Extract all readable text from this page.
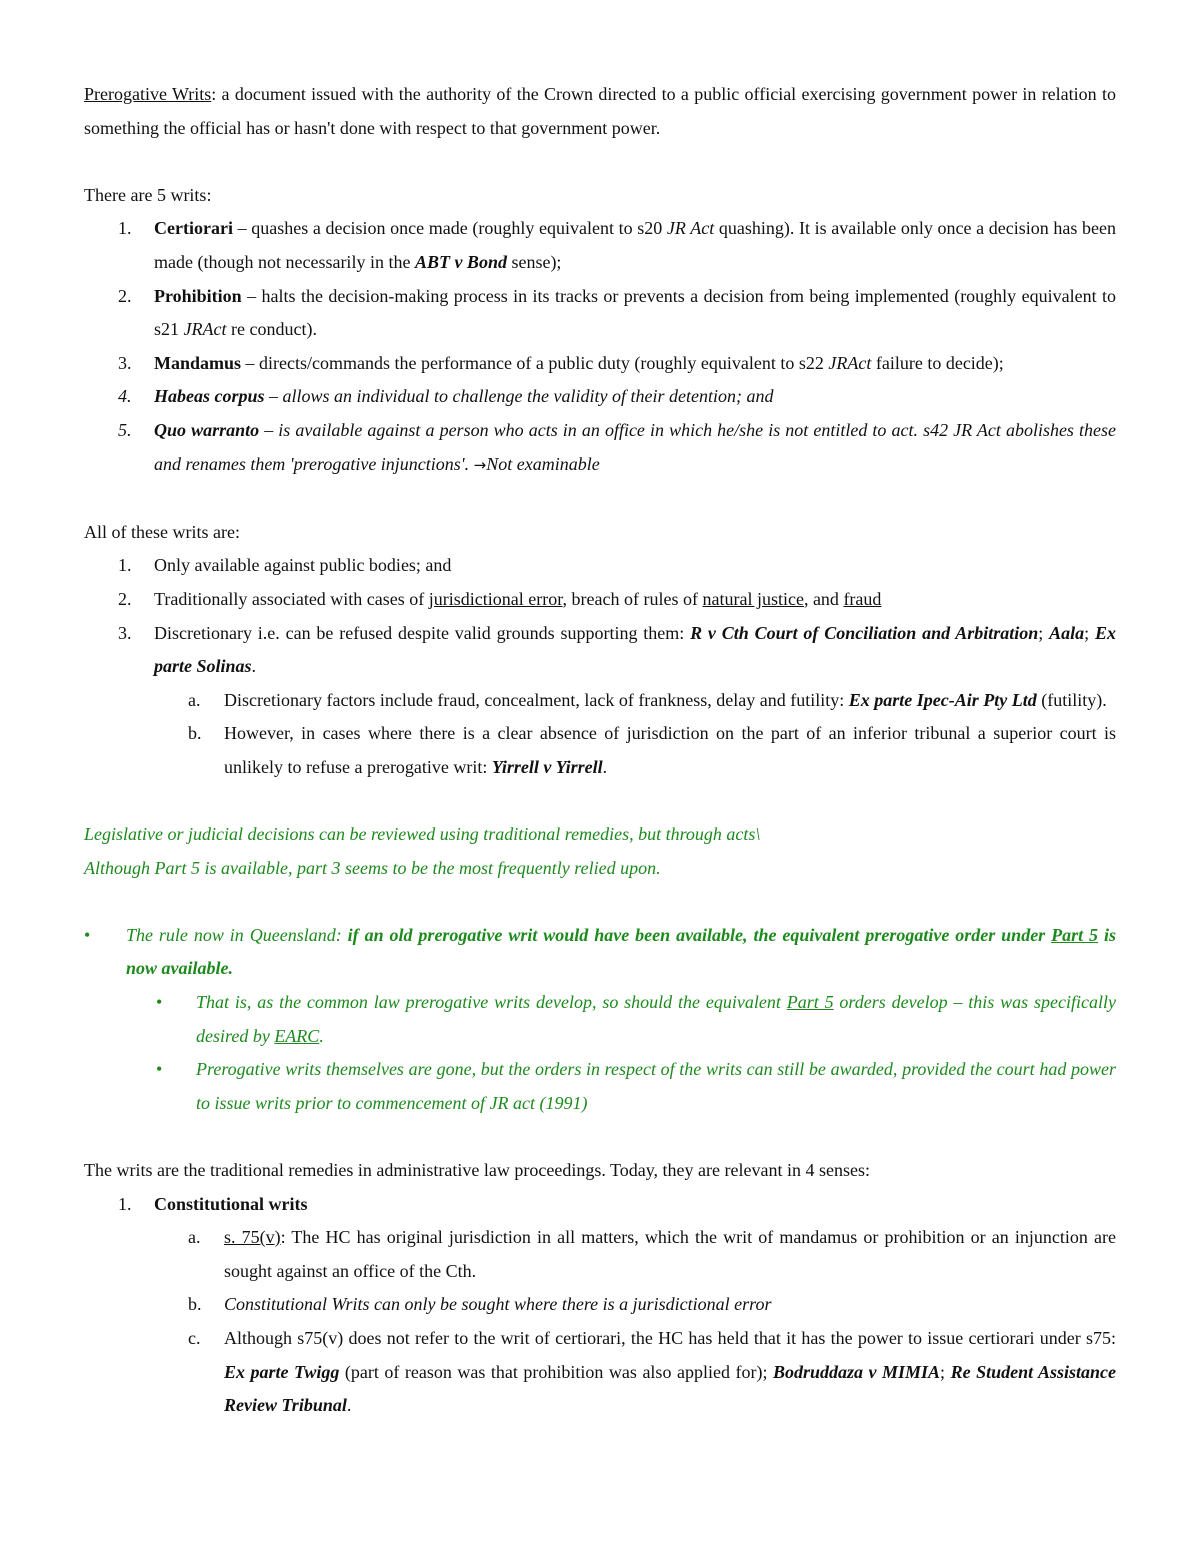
Prerogative Writs: a document issued with the authority of the Crown directed to a public official exercising government power in relation to something the official has or hasn't done with respect to that government power.

There are 5 writs:

1. Certiorari – quashes a decision once made (roughly equivalent to s20 JR Act quashing). It is available only once a decision has been made (though not necessarily in the ABT v Bond sense);
2. Prohibition – halts the decision-making process in its tracks or prevents a decision from being implemented (roughly equivalent to s21 JRAct re conduct).
3. Mandamus – directs/commands the performance of a public duty (roughly equivalent to s22 JRAct failure to decide);
4. Habeas corpus – allows an individual to challenge the validity of their detention; and
5. Quo warranto – is available against a person who acts in an office in which he/she is not entitled to act. s42 JR Act abolishes these and renames them 'prerogative injunctions'. →Not examinable

All of these writs are:

1. Only available against public bodies; and
2. Traditionally associated with cases of jurisdictional error, breach of rules of natural justice, and fraud
3. Discretionary i.e. can be refused despite valid grounds supporting them: R v Cth Court of Conciliation and Arbitration; Aala; Ex parte Solinas.
a. Discretionary factors include fraud, concealment, lack of frankness, delay and futility: Ex parte Ipec-Air Pty Ltd (futility).
b. However, in cases where there is a clear absence of jurisdiction on the part of an inferior tribunal a superior court is unlikely to refuse a prerogative writ: Yirrell v Yirrell.

Legislative or judicial decisions can be reviewed using traditional remedies, but through acts\

Although Part 5 is available, part 3 seems to be the most frequently relied upon.

• The rule now in Queensland: if an old prerogative writ would have been available, the equivalent prerogative order under Part 5 is now available.
• That is, as the common law prerogative writs develop, so should the equivalent Part 5 orders develop – this was specifically desired by EARC.
• Prerogative writs themselves are gone, but the orders in respect of the writs can still be awarded, provided the court had power to issue writs prior to commencement of JR act (1991)

The writs are the traditional remedies in administrative law proceedings. Today, they are relevant in 4 senses:

1. Constitutional writs
a. s. 75(v): The HC has original jurisdiction in all matters, which the writ of mandamus or prohibition or an injunction are sought against an office of the Cth.
b. Constitutional Writs can only be sought where there is a jurisdictional error
c. Although s75(v) does not refer to the writ of certiorari, the HC has held that it has the power to issue certiorari under s75: Ex parte Twigg (part of reason was that prohibition was also applied for); Bodruddaza v MIMIA; Re Student Assistance Review Tribunal.
